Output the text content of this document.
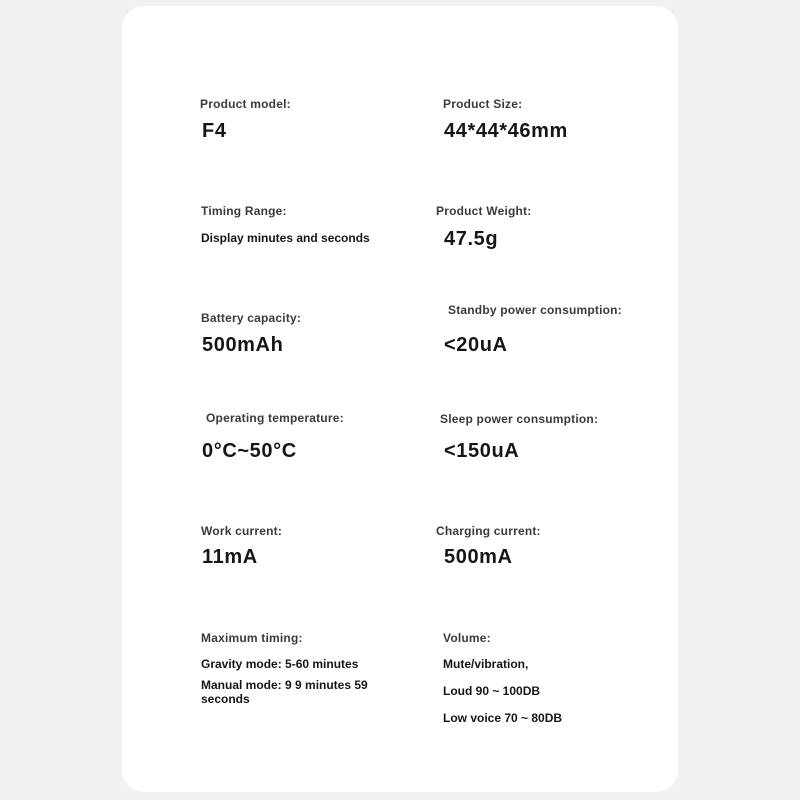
Product model:
F4
Product Size:
44*44*46mm
Timing Range:
Display minutes and seconds
Product Weight:
47.5g
Battery capacity:
500mAh
Standby power consumption:
<20uA
Operating temperature:
0°C~50°C
Sleep power consumption:
<150uA
Work current:
11mA
Charging current:
500mA
Maximum timing:
Gravity mode: 5-60 minutes
Manual mode: 9 9 minutes 59 seconds
Volume:
Mute/vibration,
Loud 90 ~ 100DB
Low voice 70 ~ 80DB
